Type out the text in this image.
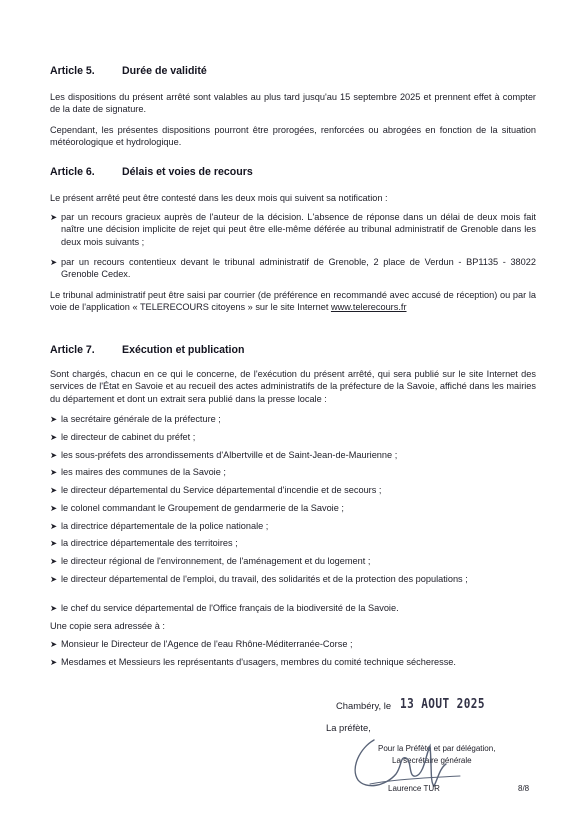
Article 5.	Durée de validité

Les dispositions du présent arrêté sont valables au plus tard jusqu'au 15 septembre 2025 et prennent effet à compter de la date de signature.

Cependant, les présentes dispositions pourront être prorogées, renforcées ou abrogées en fonction de la situation météorologique et hydrologique.

Article 6.	Délais et voies de recours

Le présent arrêté peut être contesté dans les deux mois qui suivent sa notification :

➤ par un recours gracieux auprès de l'auteur de la décision. L'absence de réponse dans un délai de deux mois fait naître une décision implicite de rejet qui peut être elle-même déférée au tribunal administratif de Grenoble dans les deux mois suivants ;
➤ par un recours contentieux devant le tribunal administratif de Grenoble, 2 place de Verdun - BP1135 - 38022 Grenoble Cedex.

Le tribunal administratif peut être saisi par courrier (de préférence en recommandé avec accusé de réception) ou par la voie de l'application « TELERECOURS citoyens » sur le site Internet www.telerecours.fr

Article 7.	Exécution et publication

Sont chargés, chacun en ce qui le concerne, de l'exécution du présent arrêté, qui sera publié sur le site Internet des services de l'État en Savoie et au recueil des actes administratifs de la préfecture de la Savoie, affiché dans les mairies du département et dont un extrait sera publié dans la presse locale :

➤ la secrétaire générale de la préfecture ;
➤ le directeur de cabinet du préfet ;
➤ les sous-préfets des arrondissements d'Albertville et de Saint-Jean-de-Maurienne ;
➤ les maires des communes de la Savoie ;
➤ le directeur départemental du Service départemental d'incendie et de secours ;
➤ le colonel commandant le Groupement de gendarmerie de la Savoie ;
➤ la directrice départementale de la police nationale ;
➤ la directrice départementale des territoires ;
➤ le directeur régional de l'environnement, de l'aménagement et du logement ;
➤ le directeur départemental de l'emploi, du travail, des solidarités et de la protection des populations ;
➤ le chef du service départemental de l'Office français de la biodiversité de la Savoie.

Une copie sera adressée à :

➤ Monsieur le Directeur de l'Agence de l'eau Rhône-Méditerranée-Corse ;
➤ Mesdames et Messieurs les représentants d'usagers, membres du comité technique sécheresse.
Chambéry, le 13 AOUT 2025
La préfète,
Pour la Préfète et par délégation,
La secrétaire générale
Laurence TUR	8/8
